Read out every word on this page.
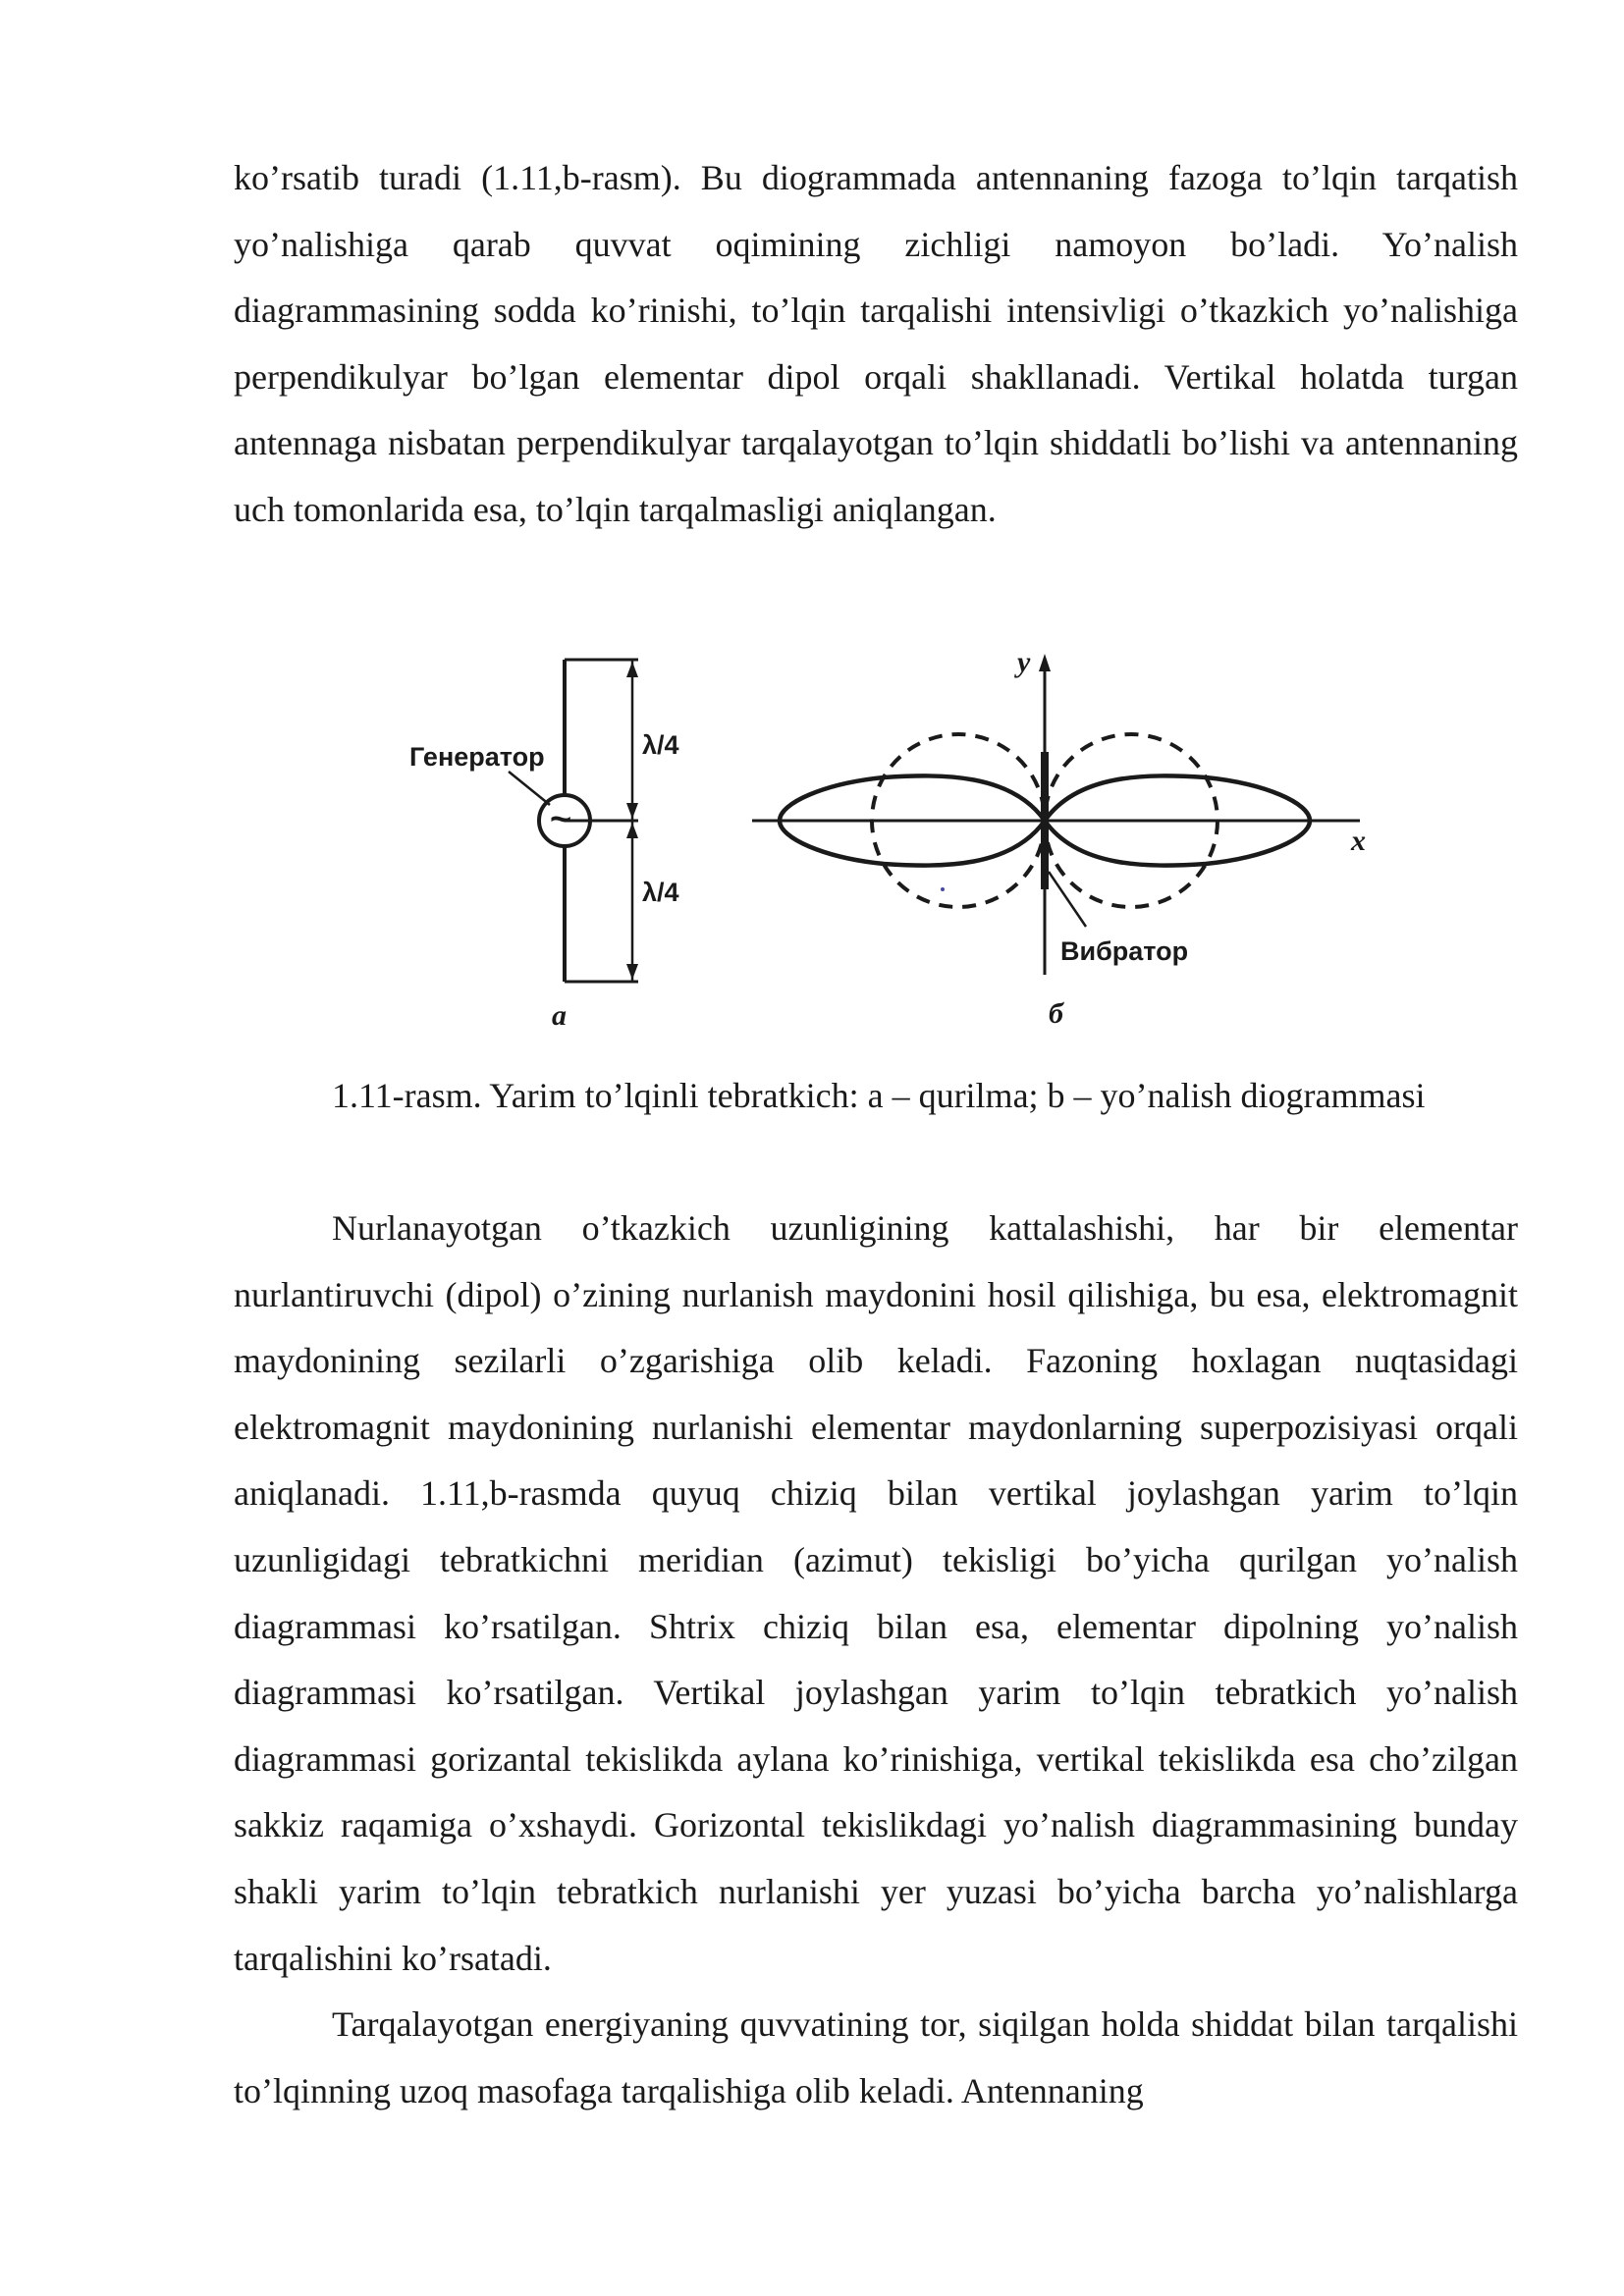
ko’rsatib turadi (1.11,b-rasm). Bu diogrammada antennaning fazoga to’lqin tarqatish yo’nalishiga qarab quvvat oqimining zichligi namoyon bo’ladi. Yo’nalish diagrammasining sodda ko’rinishi, to’lqin tarqalishi intensivligi o’tkazkich yo’nalishiga perpendikulyar bo’lgan elementar dipol orqali shakllanadi. Vertikal holatda turgan antennaga nisbatan perpendikulyar tarqalayotgan to’lqin shiddatli bo’lishi va antennaning uch tomonlarida esa, to’lqin tarqalmasligi aniqlangan.

Генератор
~
λ/4
λ/4
a
y
x
Вибратор
б

1.11-rasm. Yarim to’lqinli tebratkich: a – qurilma; b – yo’nalish diogrammasi

Nurlanayotgan o’tkazkich uzunligining kattalashishi, har bir elementar nurlantiruvchi (dipol) o’zining nurlanish maydonini hosil qilishiga, bu esa, elektromagnit maydonining sezilarli o’zgarishiga olib keladi. Fazoning hoxlagan nuqtasidagi elektromagnit maydonining nurlanishi elementar maydonlarning superpozisiyasi orqali aniqlanadi. 1.11,b-rasmda quyuq chiziq bilan vertikal joylashgan yarim to’lqin uzunligidagi tebratkichni meridian (azimut) tekisligi bo’yicha qurilgan yo’nalish diagrammasi ko’rsatilgan. Shtrix chiziq bilan esa, elementar dipolning yo’nalish diagrammasi ko’rsatilgan. Vertikal joylashgan yarim to’lqin tebratkich yo’nalish diagrammasi gorizantal tekislikda aylana ko’rinishiga, vertikal tekislikda esa cho’zilgan sakkiz raqamiga o’xshaydi. Gorizontal tekislikdagi yo’nalish diagrammasining bunday shakli yarim to’lqin tebratkich nurlanishi yer yuzasi bo’yicha barcha yo’nalishlarga tarqalishini ko’rsatadi.

Tarqalayotgan energiyaning quvvatining tor, siqilgan holda shiddat bilan tarqalishi to’lqinning uzoq masofaga tarqalishiga olib keladi. Antennaning
